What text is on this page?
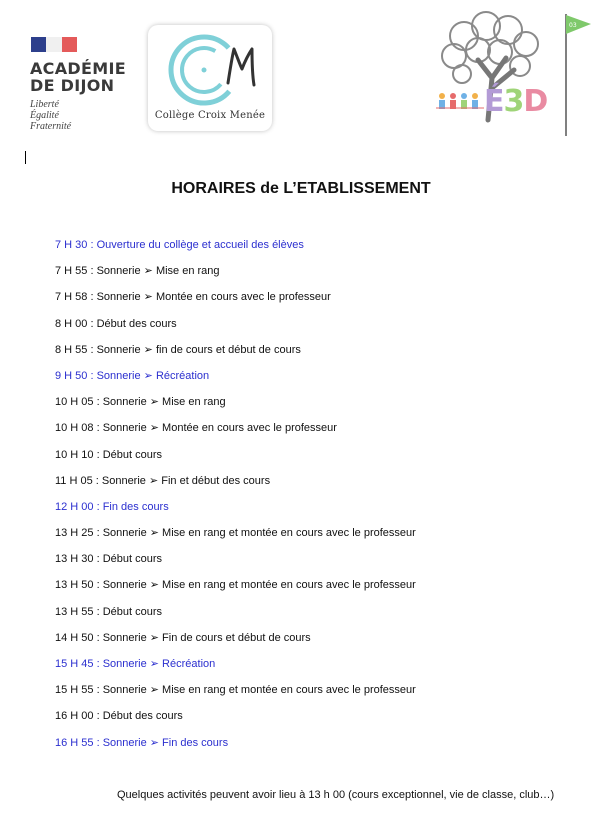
ACADÉMIE
DE DIJON
Liberté
Égalité
Fraternité
Collège Croix Menée	É3D
03
HORAIRES de L’ETABLISSEMENT
7 H 30 : Ouverture du collège et accueil des élèves
7 H 55 : Sonnerie ➢ Mise en rang
7 H 58 : Sonnerie ➢ Montée en cours avec le professeur
8 H 00 : Début des cours
8 H 55 : Sonnerie ➢ fin de cours et début de cours
9 H 50 : Sonnerie ➢ Récréation
10 H 05 : Sonnerie ➢ Mise en rang
10 H 08 : Sonnerie ➢ Montée en cours avec le professeur
10 H 10 : Début cours
11 H 05 : Sonnerie ➢ Fin et début des cours
12 H 00 : Fin des cours
13 H 25 : Sonnerie ➢ Mise en rang et montée en cours avec le professeur
13 H 30 : Début cours
13 H 50 : Sonnerie ➢ Mise en rang et montée en cours avec le professeur
13 H 55 : Début cours
14 H 50 : Sonnerie ➢ Fin de cours et début de cours
15 H 45 : Sonnerie ➢ Récréation
15 H 55 : Sonnerie ➢ Mise en rang et montée en cours avec le professeur
16 H 00 : Début des cours
16 H 55 : Sonnerie ➢ Fin des cours
Quelques activités peuvent avoir lieu à 13 h 00 (cours exceptionnel, vie de classe, club…)
